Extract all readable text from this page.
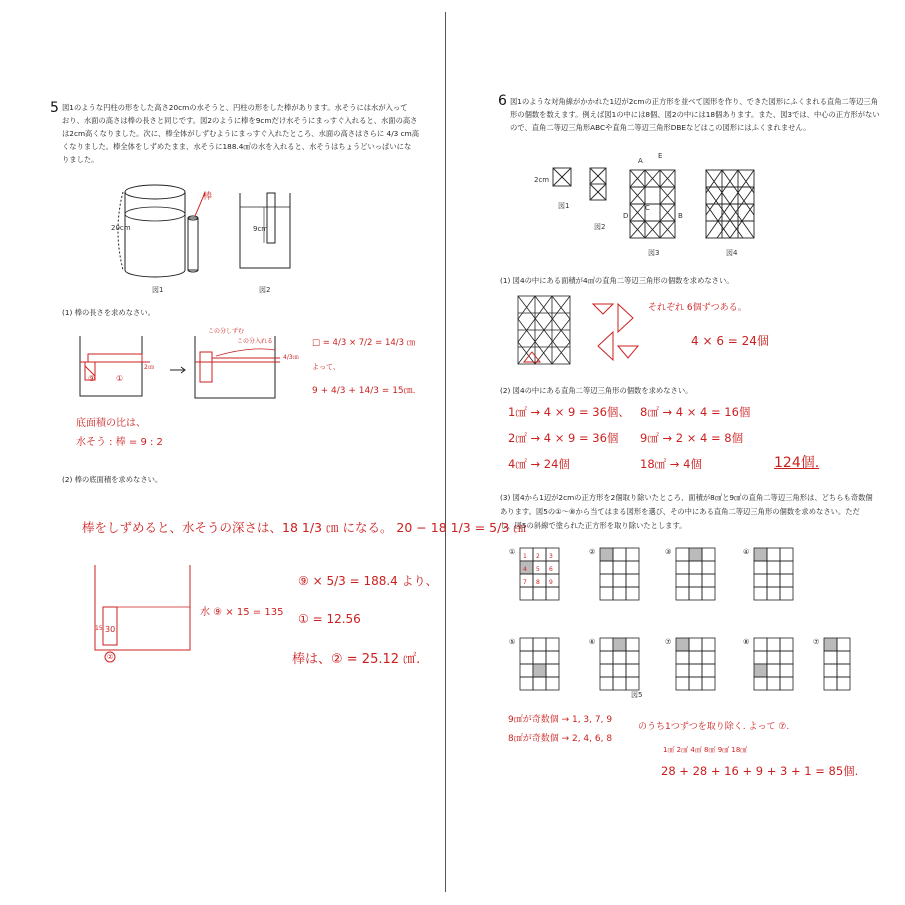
5 図1のような円柱の形をした高さ20cmの水そうと、円柱の形をした棒があります。水そうには水が入って
おり、水面の高さは棒の長さと同じです。図2のように棒を9cmだけ水そうにまっすぐ入れると、水面の高さ
は2cm高くなりました。次に、棒全体がしずむようにまっすぐ入れたところ、水面の高さはさらに 4/3 cm高
くなりました。棒全体をしずめたまま、水そうに188.4㎤の水を入れると、水そうはちょうどいっぱいにな
りました。
20cm
棒
図1
9cm
図2
(1) 棒の長さを求めなさい。
この分しずむ
この分入れる
2㎝
4/3㎝
⑨	①
□ = 4/3 × 7/2 = 14/3 ㎝
よって、
9 + 4/3 + 14/3 = 15㎝.
底面積の比は、
水そう : 棒 = 9 : 2
(2) 棒の底面積を求めなさい。
棒をしずめると、水そうの深さは、18 1/3 ㎝ になる。 20 − 18 1/3 = 5/3 ㎝
30
15
②
水 ⑨ × 15 = 135
⑨ × 5/3 = 188.4 より、
① = 12.56
棒は、② = 25.12 ㎠.
6 図1のような対角線がかかれた1辺が2cmの正方形を並べて図形を作り、できた図形にふくまれる直角二等辺三角
形の個数を数えます。例えば図1の中には8個、図2の中には18個あります。また、図3では、中心の正方形がない
ので、直角二等辺三角形ABCや直角二等辺三角形DBEなどはこの図形にはふくまれません。
2cm
図1
図2
図3	図4
A
E
C
D	B
(1) 図4の中にある面積が4㎠の直角二等辺三角形の個数を求めなさい。
それぞれ 6個ずつある。
4 × 6 = 24個
(2) 図4の中にある直角二等辺三角形の個数を求めなさい。
1㎠ → 4 × 9 = 36個、 8㎠ → 4 × 4 = 16個
2㎠ → 4 × 9 = 36個 9㎠ → 2 × 4 = 8個
4㎠ → 24個	18㎠ → 4個	124個.
(3) 図4から1辺が2cmの正方形を2個取り除いたところ、面積が8㎠と9㎠の直角二等辺三角形は、どちらも奇数個
あります。図5の①〜⑧から当てはまる図形を選び、その中にある直角二等辺三角形の個数を求めなさい。ただ
し、図5の斜線で塗られた正方形を取り除いたとします。
①	②	③	④
⑤	⑥	⑦	⑧	⑦
1 2 3
4 5 6
7 8 9
図5
9㎠が奇数個 → 1, 3, 7, 9
8㎠が奇数個 → 2, 4, 6, 8
のうち1つずつを取り除く. よって ⑦.
1㎠ 2㎠ 4㎠ 8㎠ 9㎠ 18㎠
28 + 28 + 16 + 9 + 3 + 1 = 85個.
